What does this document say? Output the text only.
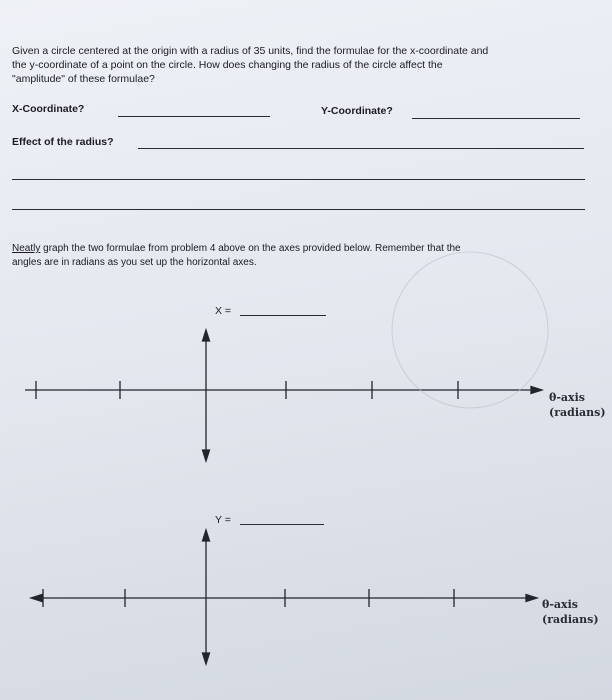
Given a circle centered at the origin with a radius of 35 units, find the formulae for the x-coordinate and
the y-coordinate of a point on the circle. How does changing the radius of the circle affect the
"amplitude" of these formulae?
X-Coordinate?	Y-Coordinate?
Effect of the radius?
Neatly graph the two formulae from problem 4 above on the axes provided below. Remember that the
angles are in radians as you set up the horizontal axes.
X =
θ-axis
(radians)
Y =
θ-axis
(radians)
